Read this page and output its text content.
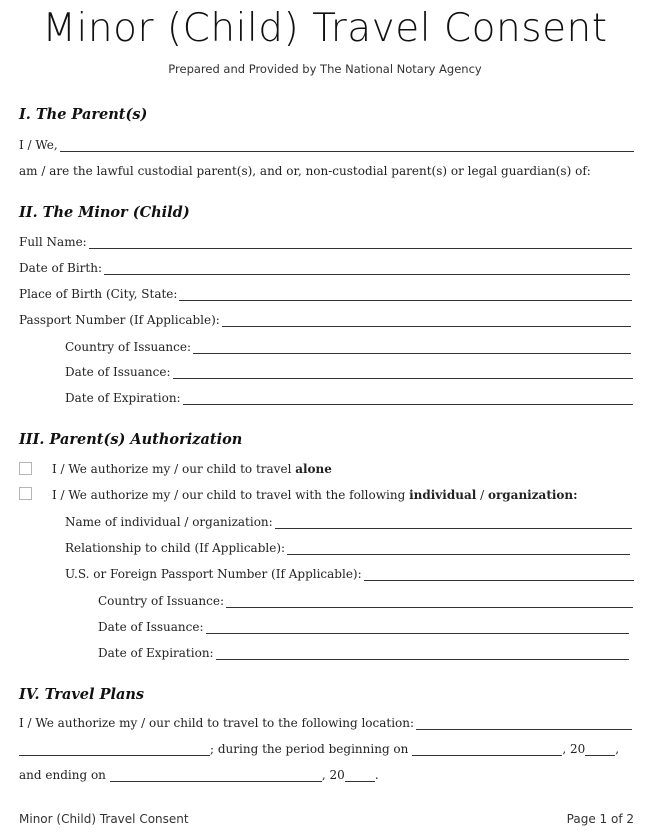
Minor (Child) Travel Consent
Prepared and Provided by The National Notary Agency
I. The Parent(s)
I / We,
am / are the lawful custodial parent(s), and or, non-custodial parent(s) or legal guardian(s) of:
II. The Minor (Child)
Full Name:
Date of Birth:
Place of Birth (City, State:
Passport Number (If Applicable):
Country of Issuance:
Date of Issuance:
Date of Expiration:
III. Parent(s) Authorization
I / We authorize my / our child to travel alone
I / We authorize my / our child to travel with the following individual / organization:
Name of individual / organization:
Relationship to child (If Applicable):
U.S. or Foreign Passport Number (If Applicable):
Country of Issuance:
Date of Issuance:
Date of Expiration:
IV. Travel Plans
I / We authorize my / our child to travel to the following location:
; during the period beginning on	, 20	,
and ending on	, 20	.
Minor (Child) Travel Consent	Page 1 of 2
